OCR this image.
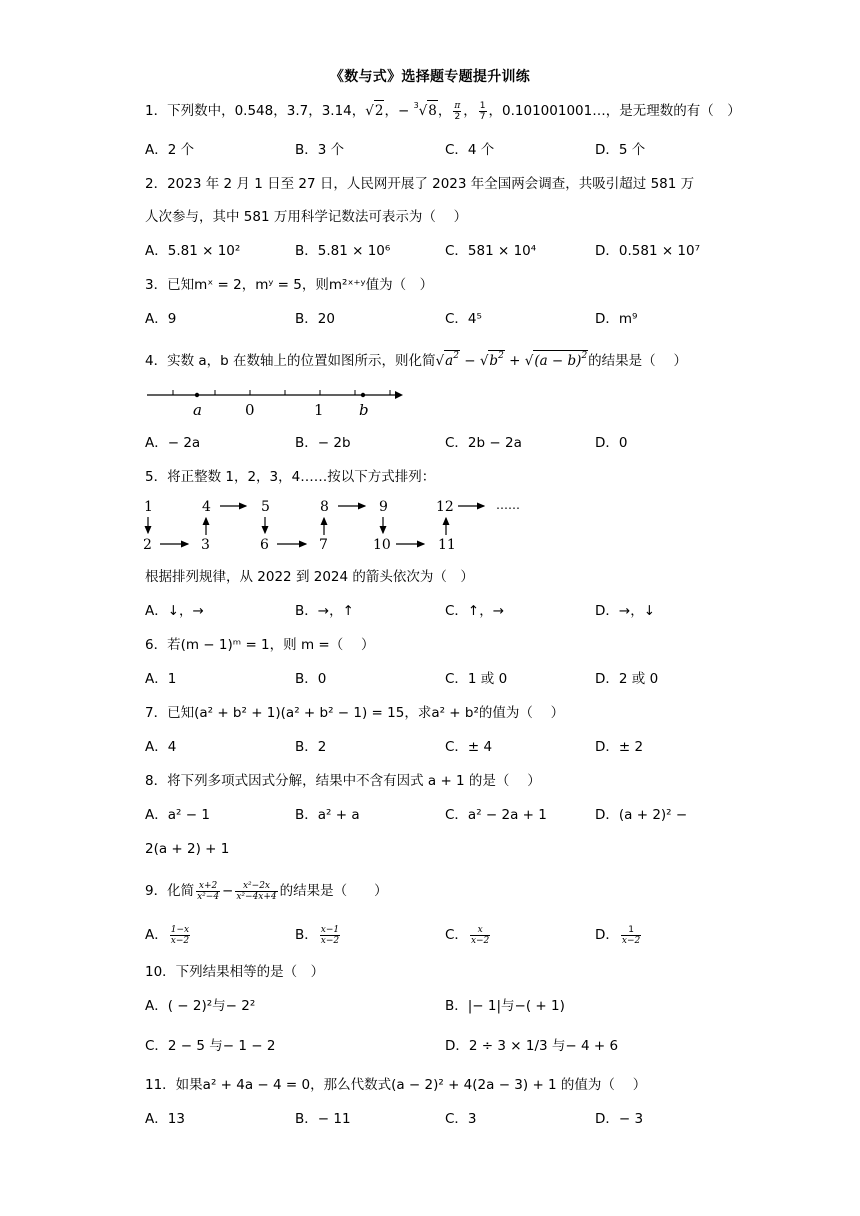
《数与式》选择题专题提升训练
1．下列数中，0.548，3.7，3.14，√2，− $^3$√8， $\frac{\pi}{2}$ ， $\frac{1}{7}$ ，0.101001001…，是无理数的有（　）
A．2 个	B．3 个	C．4 个	D．5 个
2．2023 年 2 月 1 日至 27 日，人民网开展了 2023 年全国两会调查，共吸引超过 581 万
人次参与，其中 581 万用科学记数法可表示为（　 ）
A．5.81 × 10²	B．5.81 × 10⁶	C．581 × 10⁴	D．0.581 × 10⁷
3．已知mˣ = 2，mʸ = 5，则m²ˣ⁺ʸ值为（　）
A．9	B．20	C．4⁵	D．m⁹
4．实数 a，b 在数轴上的位置如图所示，则化简$√a^2 - √b^2 + √(a - b)^2$的结果是（　 ）
a	0	1 b
A．− 2a	B．− 2b	C．2b − 2a	D．0
5．将正整数 1，2，3，4……按以下方式排列：
1	4	5	8	9	12	……
2	3	6	7	10	11
根据排列规律，从 2022 到 2024 的箭头依次为（　）
A．↓，→	B．→，↑	C．↑，→	D．→，↓
6．若(m − 1)ᵐ = 1，则 m =（　 ）
A．1	B．0	C．1 或 0	D．2 或 0
7．已知(a² + b² + 1)(a² + b² − 1) = 15，求a² + b²的值为（　 ）
A．4	B．2	C．± 4	D．± 2
8．将下列多项式因式分解，结果中不含有因式 a + 1 的是（　 ）
A．a² − 1	B．a² + a	C．a² − 2a + 1	D．(a + 2)² −
2(a + 2) + 1
9．化简 $\frac{x+2}{\text{x²−4}} - \frac{\text{x²−2x}}{\text{x²−4x+4}}$ 的结果是（　　）
A． $\frac{1-x}{x-2}$	B． $\frac{x-1}{x-2}$	C． $\frac{x}{x-2}$	D． $\frac{1}{x-2}$
10．下列结果相等的是（　）
A．( − 2)²与− 2²	B．|− 1|与−( + 1)
C．2 − 5 与− 1 − 2	D．2 ÷ 3 × 1/3 与− 4 + 6
11．如果a² + 4a − 4 = 0，那么代数式(a − 2)² + 4(2a − 3) + 1 的值为（　 ）
A．13	B．− 11	C．3	D．− 3
